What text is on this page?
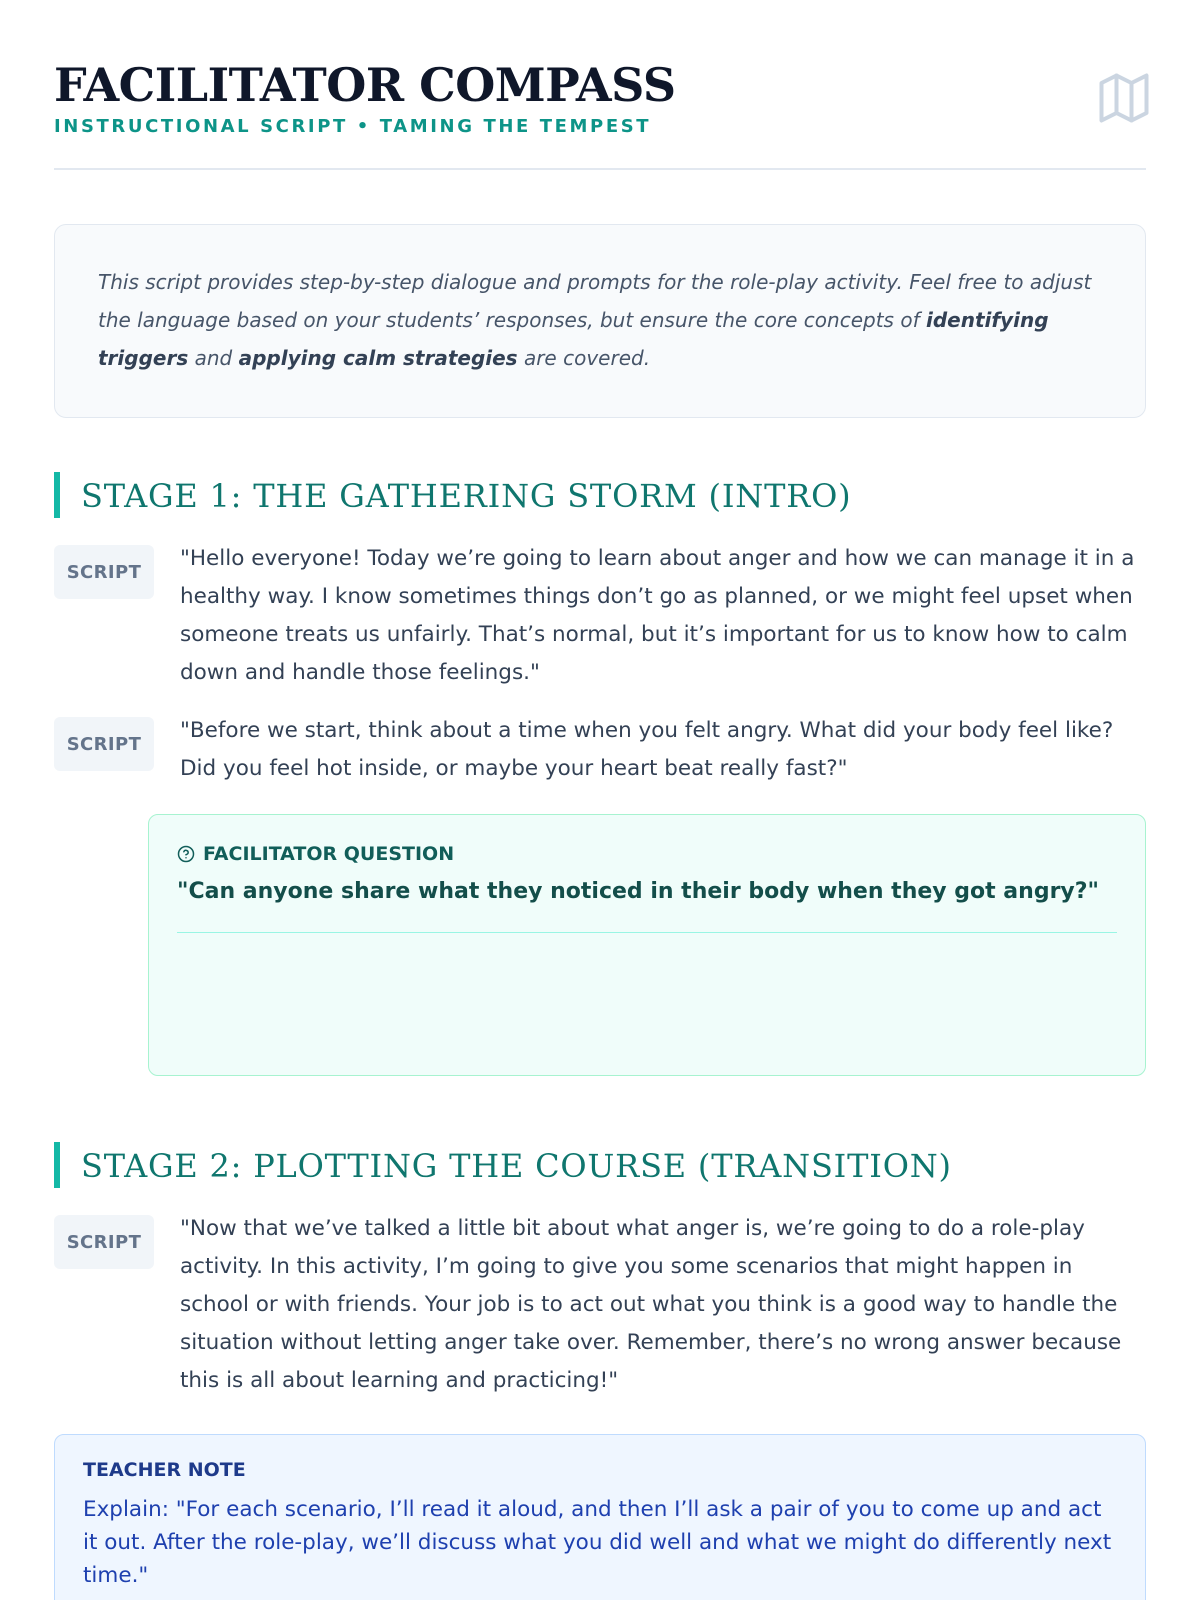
FACILITATOR COMPASS
INSTRUCTIONAL SCRIPT • TAMING THE TEMPEST
This script provides step-by-step dialogue and prompts for the role-play activity. Feel free to adjust the language based on your students’ responses, but ensure the core concepts of identifying triggers and applying calm strategies are covered.
STAGE 1: THE GATHERING STORM (INTRO)
SCRIPT
"Hello everyone! Today we’re going to learn about anger and how we can manage it in a healthy way. I know sometimes things don’t go as planned, or we might feel upset when someone treats us unfairly. That’s normal, but it’s important for us to know how to calm down and handle those feelings."
SCRIPT
"Before we start, think about a time when you felt angry. What did your body feel like? Did you feel hot inside, or maybe your heart beat really fast?"
FACILITATOR QUESTION
"Can anyone share what they noticed in their body when they got angry?"
STAGE 2: PLOTTING THE COURSE (TRANSITION)
SCRIPT
"Now that we’ve talked a little bit about what anger is, we’re going to do a role-play activity. In this activity, I’m going to give you some scenarios that might happen in school or with friends. Your job is to act out what you think is a good way to handle the situation without letting anger take over. Remember, there’s no wrong answer because this is all about learning and practicing!"
TEACHER NOTE
Explain: "For each scenario, I’ll read it aloud, and then I’ll ask a pair of you to come up and act it out. After the role-play, we’ll discuss what you did well and what we might do differently next time."
